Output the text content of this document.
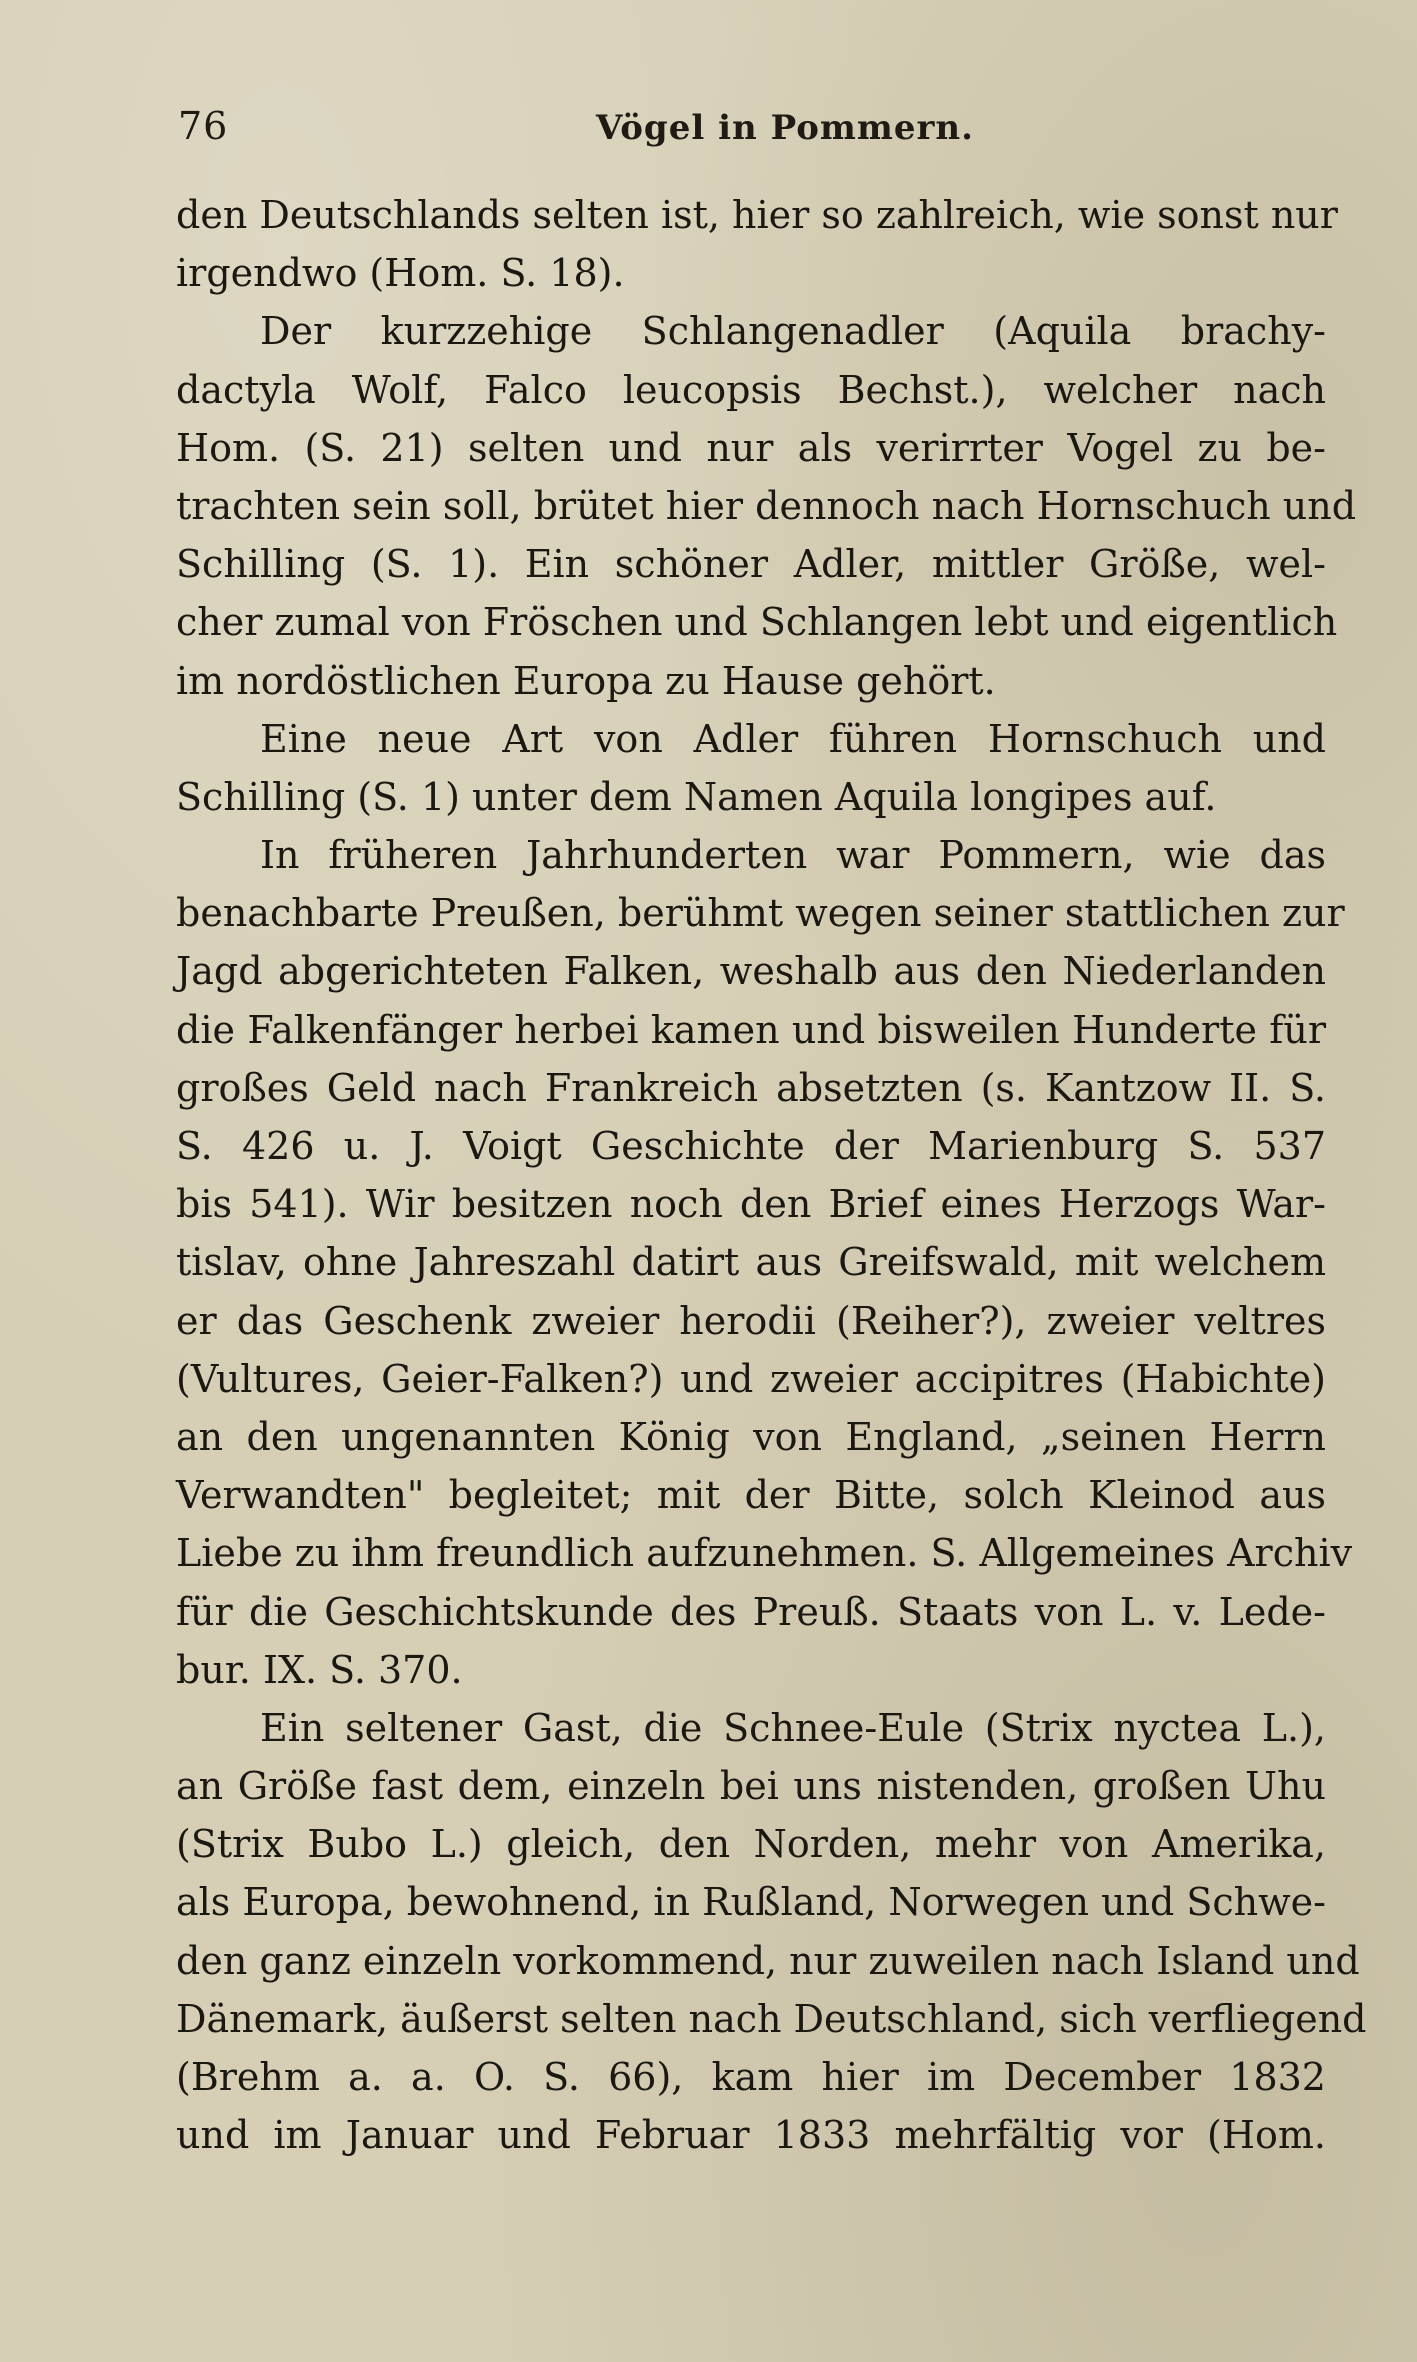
76	Vögel in Pommern.
den Deutschlands selten ist, hier so zahlreich, wie sonst nur
irgendwo (Hom. S. 18).
Der kurzzehige Schlangenadler (Aquila brachy-
dactyla Wolf, Falco leucopsis Bechst.), welcher nach
Hom. (S. 21) selten und nur als verirrter Vogel zu be-
trachten sein soll, brütet hier dennoch nach Hornschuch und
Schilling (S. 1). Ein schöner Adler, mittler Größe, wel-
cher zumal von Fröschen und Schlangen lebt und eigentlich
im nordöstlichen Europa zu Hause gehört.
Eine neue Art von Adler führen Hornschuch und
Schilling (S. 1) unter dem Namen Aquila longipes auf.
In früheren Jahrhunderten war Pommern, wie das
benachbarte Preußen, berühmt wegen seiner stattlichen zur
Jagd abgerichteten Falken, weshalb aus den Niederlanden
die Falkenfänger herbei kamen und bisweilen Hunderte für
großes Geld nach Frankreich absetzten (s. Kantzow II. S.
S. 426 u. J. Voigt Geschichte der Marienburg S. 537
bis 541). Wir besitzen noch den Brief eines Herzogs War-
tislav, ohne Jahreszahl datirt aus Greifswald, mit welchem
er das Geschenk zweier herodii (Reiher?), zweier veltres
(Vultures, Geier-Falken?) und zweier accipitres (Habichte)
an den ungenannten König von England, „seinen Herrn
Verwandten" begleitet; mit der Bitte, solch Kleinod aus
Liebe zu ihm freundlich aufzunehmen. S. Allgemeines Archiv
für die Geschichtskunde des Preuß. Staats von L. v. Lede-
bur. IX. S. 370.
Ein seltener Gast, die Schnee-Eule (Strix nyctea L.),
an Größe fast dem, einzeln bei uns nistenden, großen Uhu
(Strix Bubo L.) gleich, den Norden, mehr von Amerika,
als Europa, bewohnend, in Rußland, Norwegen und Schwe-
den ganz einzeln vorkommend, nur zuweilen nach Island und
Dänemark, äußerst selten nach Deutschland, sich verfliegend
(Brehm a. a. O. S. 66), kam hier im December 1832
und im Januar und Februar 1833 mehrfältig vor (Hom.
